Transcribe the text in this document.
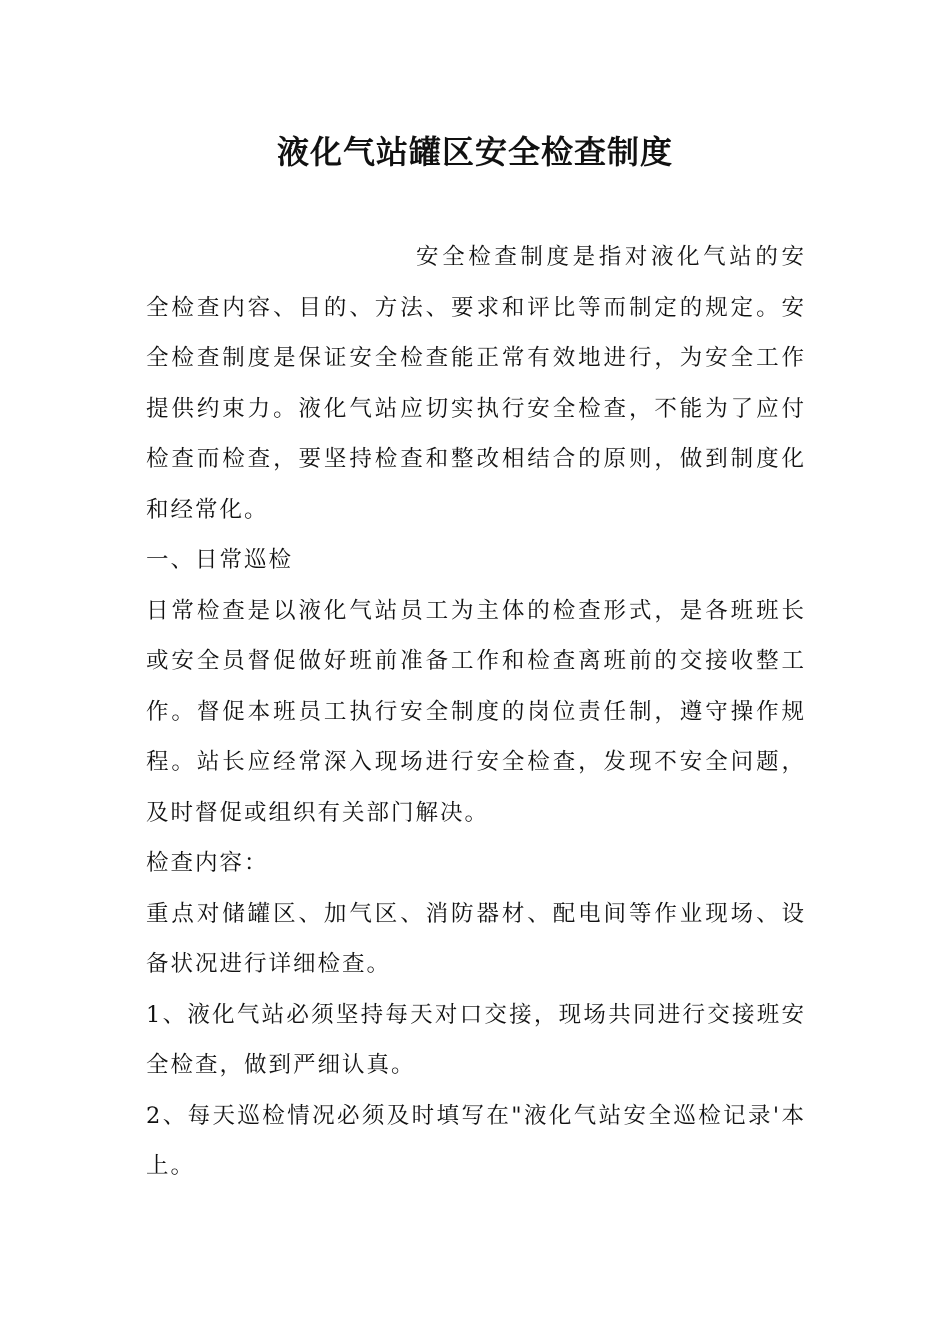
液化气站罐区安全检查制度

安全检查制度是指对液化气站的安全检查内容、目的、方法、要求和评比等而制定的规定。安全检查制度是保证安全检查能正常有效地进行，为安全工作提供约束力。液化气站应切实执行安全检查，不能为了应付检查而检查，要坚持检查和整改相结合的原则，做到制度化和经常化。

一、日常巡检

日常检查是以液化气站员工为主体的检查形式，是各班班长或安全员督促做好班前准备工作和检查离班前的交接收整工作。督促本班员工执行安全制度的岗位责任制，遵守操作规程。站长应经常深入现场进行安全检查，发现不安全问题，及时督促或组织有关部门解决。

检查内容：

重点对储罐区、加气区、消防器材、配电间等作业现场、设备状况进行详细检查。

1、液化气站必须坚持每天对口交接，现场共同进行交接班安全检查，做到严细认真。

2、每天巡检情况必须及时填写在"液化气站安全巡检记录'本上。
